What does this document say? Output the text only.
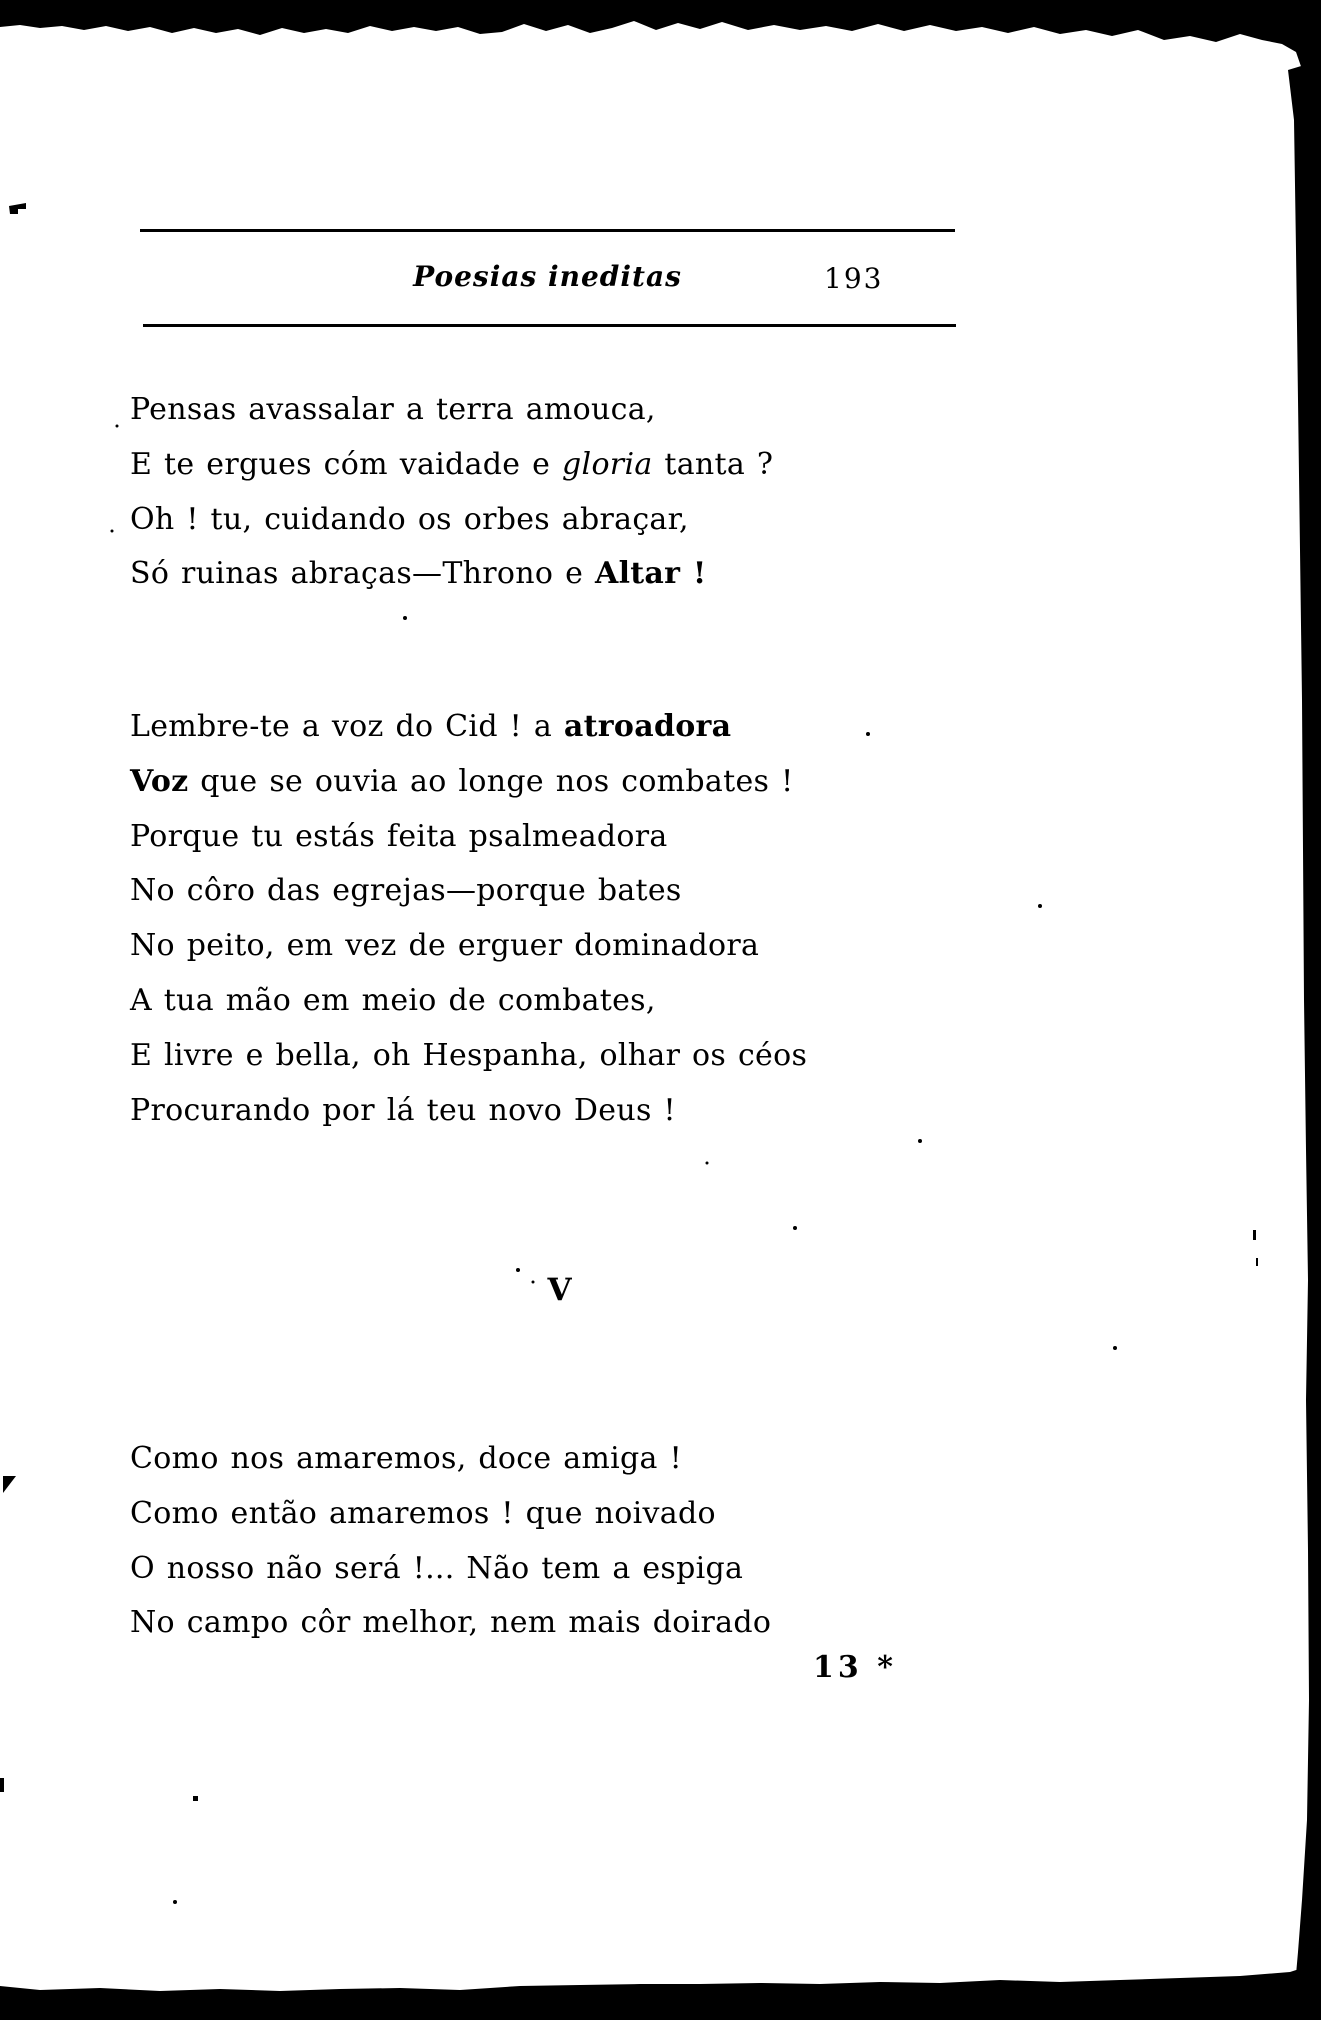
Poesias ineditas	193
Pensas avassalar a terra amouca,
E te ergues cóm vaidade e gloria tanta ?
Oh ! tu, cuidando os orbes abraçar,
Só ruinas abraças—Throno e Altar !
Lembre-te a voz do Cid ! a atroadora
Voz que se ouvia ao longe nos combates !
Porque tu estás feita psalmeadora
No côro das egrejas—porque bates
No peito, em vez de erguer dominadora
A tua mão em meio de combates,
E livre e bella, oh Hespanha, olhar os céos
Procurando por lá teu novo Deus !
V
Como nos amaremos, doce amiga !
Como então amaremos ! que noivado
O nosso não será !... Não tem a espiga
No campo côr melhor, nem mais doirado
13 *
